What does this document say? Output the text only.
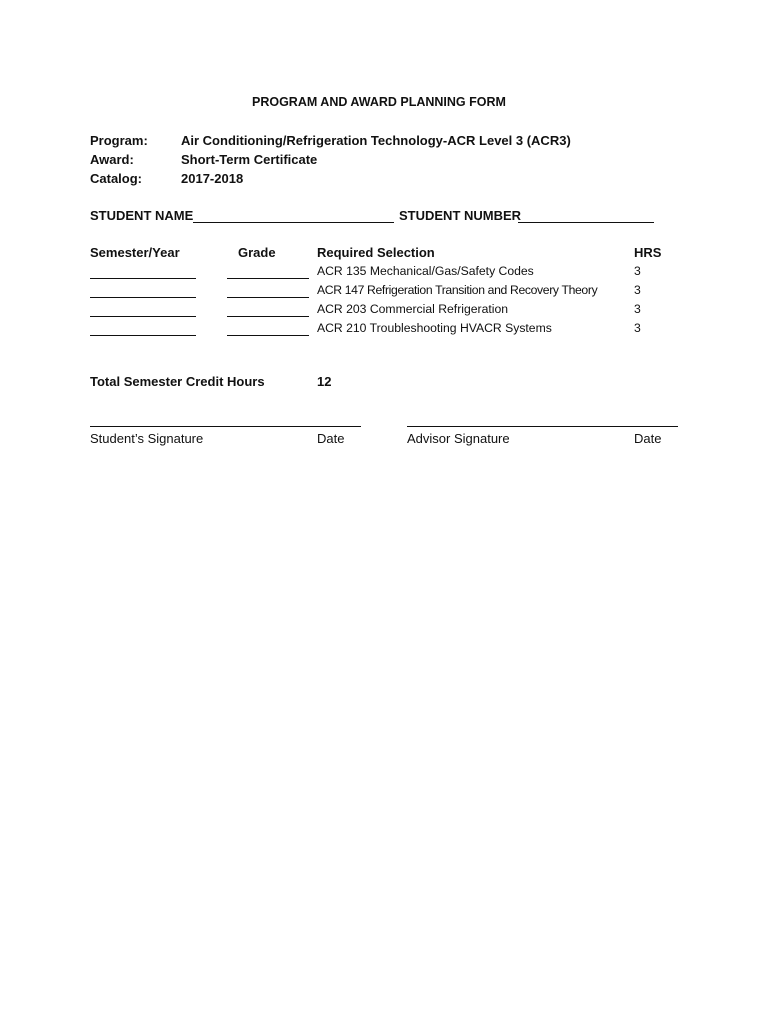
PROGRAM AND AWARD PLANNING FORM
Program:	Air Conditioning/Refrigeration Technology-ACR Level 3 (ACR3)
Award:	Short-Term Certificate
Catalog:	2017-2018
STUDENT NAME	STUDENT NUMBER
Semester/Year	Grade	Required Selection	HRS
ACR 135 Mechanical/Gas/Safety Codes	3
ACR 147 Refrigeration Transition and Recovery Theory	3
ACR 203 Commercial Refrigeration	3
ACR 210 Troubleshooting HVACR Systems	3
Total Semester Credit Hours	12
Student’s Signature	Date	Advisor Signature	Date
